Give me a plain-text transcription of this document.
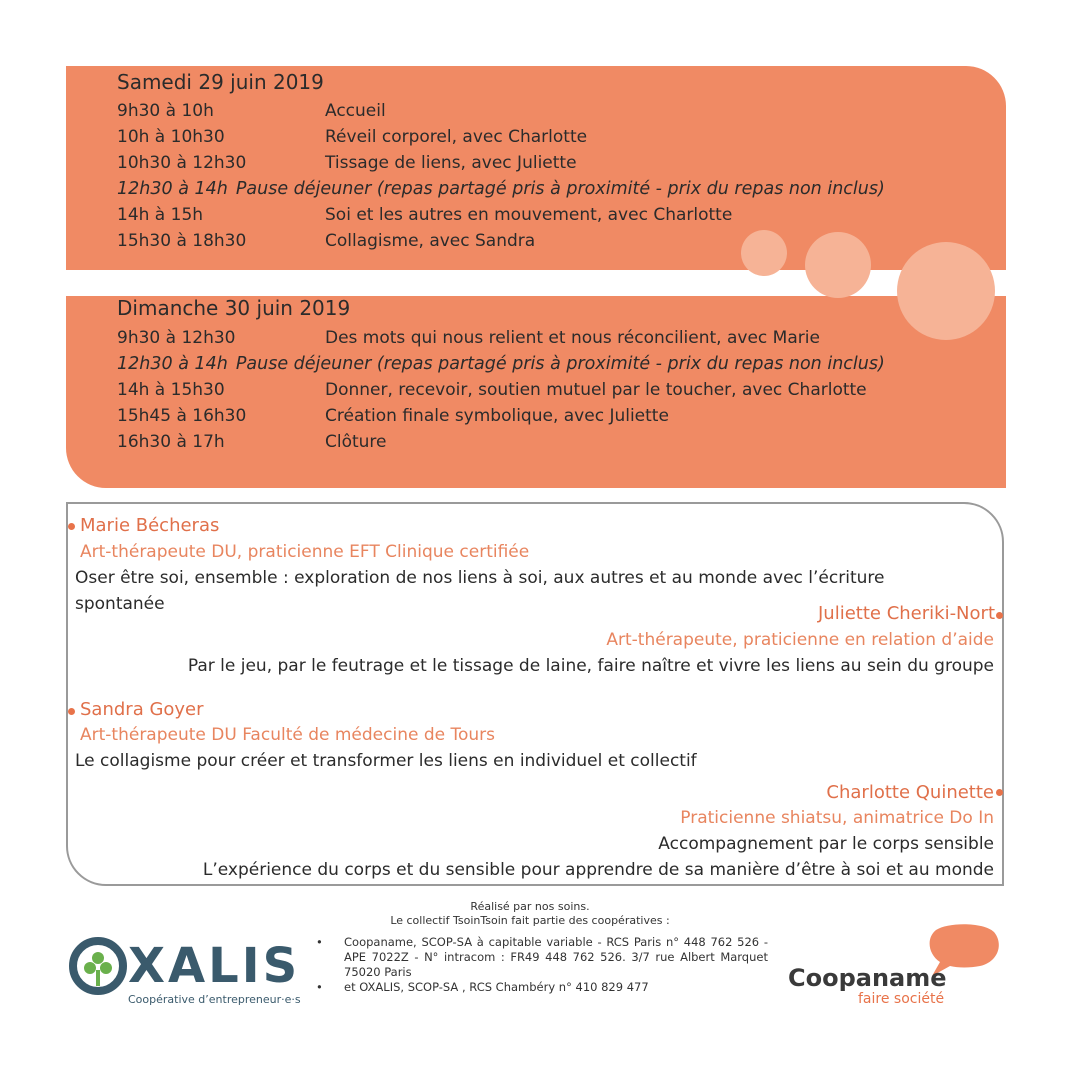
Samedi 29 juin 2019
9h30 à 10h	Accueil
10h à 10h30	Réveil corporel, avec Charlotte
10h30 à 12h30	Tissage de liens, avec Juliette
12h30 à 14h Pause déjeuner (repas partagé pris à proximité - prix du repas non inclus)
14h à 15h	Soi et les autres en mouvement, avec Charlotte
15h30 à 18h30	Collagisme, avec Sandra
Dimanche 30 juin 2019
9h30 à 12h30	Des mots qui nous relient et nous réconcilient, avec Marie
12h30 à 14h Pause déjeuner (repas partagé pris à proximité - prix du repas non inclus)
14h à 15h30	Donner, recevoir, soutien mutuel par le toucher, avec Charlotte
15h45 à 16h30	Création finale symbolique, avec Juliette
16h30 à 17h	Clôture
Marie Bécheras
Art-thérapeute DU, praticienne EFT Clinique certifiée
Oser être soi, ensemble : exploration de nos liens à soi, aux autres et au monde avec l’écriture
spontanée	Juliette Cheriki-Nort
Art-thérapeute, praticienne en relation d’aide
Par le jeu, par le feutrage et le tissage de laine, faire naître et vivre les liens au sein du groupe
Sandra Goyer
Art-thérapeute DU Faculté de médecine de Tours
Le collagisme pour créer et transformer les liens en individuel et collectif
Charlotte Quinette
Praticienne shiatsu, animatrice Do In
Accompagnement par le corps sensible
L’expérience du corps et du sensible pour apprendre de sa manière d’être à soi et au monde
Réalisé par nos soins.
Le collectif TsoinTsoin fait partie des coopératives :
• Coopaname, SCOP-SA à capitable variable - RCS Paris n° 448 762 526 - APE 7022Z - N° intracom : FR49 448 762 526. 3/7 rue Albert Marquet 75020 Paris
• et OXALIS, SCOP-SA , RCS Chambéry n° 410 829 477
XALIS
Coopérative d’entrepreneur·e·s
Coopaname
faire société
